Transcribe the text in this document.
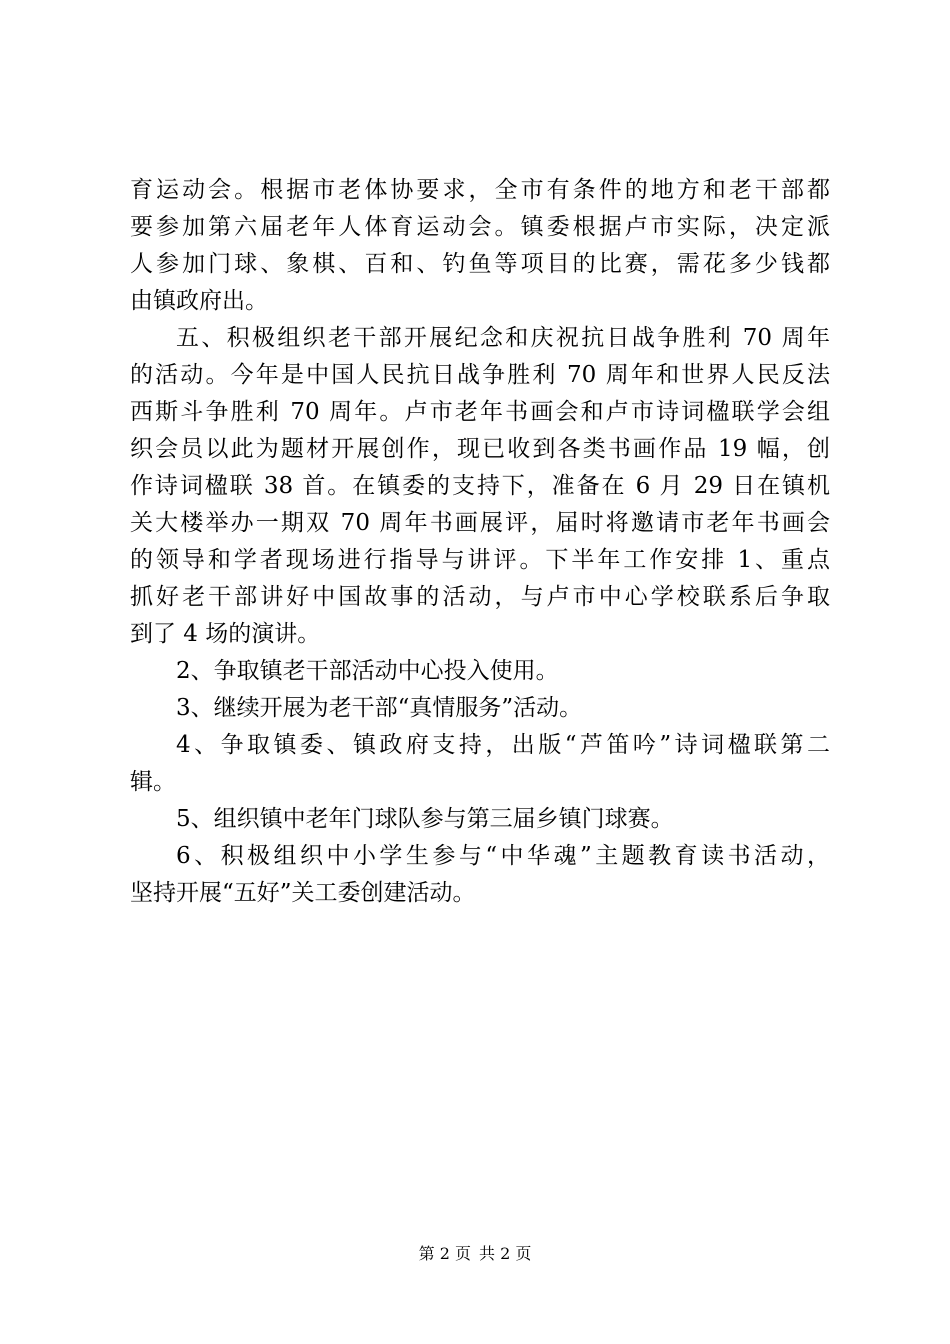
育运动会。根据市老体协要求，全市有条件的地方和老干部都
要参加第六届老年人体育运动会。镇委根据卢市实际，决定派
人参加门球、象棋、百和、钓鱼等项目的比赛，需花多少钱都
由镇政府出。
五、积极组织老干部开展纪念和庆祝抗日战争胜利 70 周年
的活动。今年是中国人民抗日战争胜利 70 周年和世界人民反法
西斯斗争胜利 70 周年。卢市老年书画会和卢市诗词楹联学会组
织会员以此为题材开展创作，现已收到各类书画作品 19 幅，创
作诗词楹联 38 首。在镇委的支持下，准备在 6 月 29 日在镇机
关大楼举办一期双 70 周年书画展评，届时将邀请市老年书画会
的领导和学者现场进行指导与讲评。下半年工作安排 1、重点
抓好老干部讲好中国故事的活动，与卢市中心学校联系后争取
到了 4 场的演讲。
2、争取镇老干部活动中心投入使用。
3、继续开展为老干部“真情服务”活动。
4、争取镇委、镇政府支持，出版“芦笛吟”诗词楹联第二
辑。
5、组织镇中老年门球队参与第三届乡镇门球赛。
6、积极组织中小学生参与“中华魂”主题教育读书活动，
坚持开展“五好”关工委创建活动。
第 2 页 共 2 页
